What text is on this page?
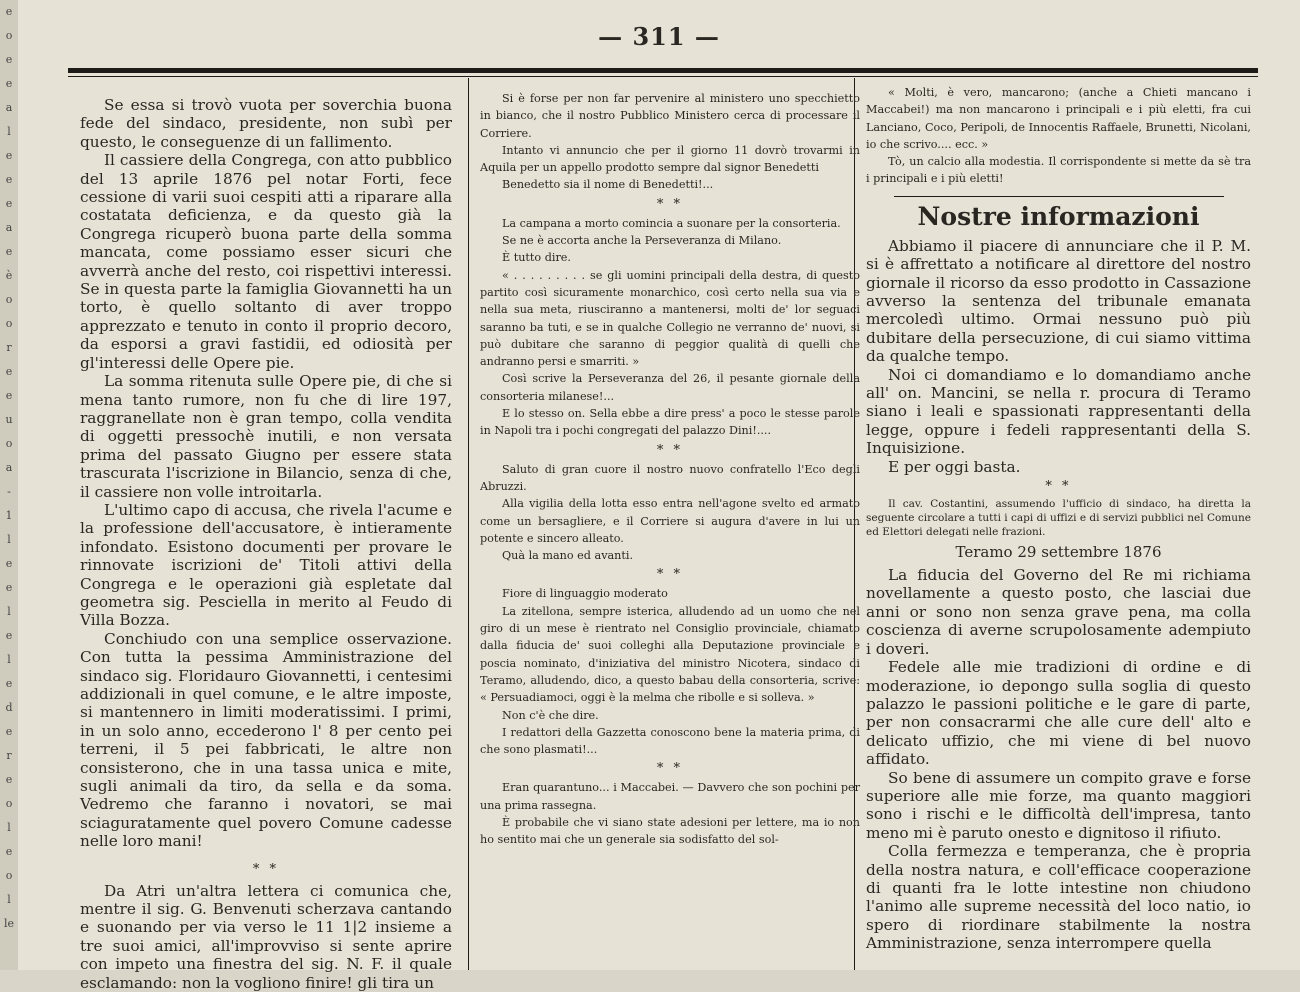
e
o
e
e
a
l
e
e
e
a
e
è
o
o
r
e
e
u
o
a
-
1
l
e
e
l
e
l
e
d
e
r
e
o
l
e
o
l
le
— 311 —

Se essa si trovò vuota per soverchia buona fede del sindaco, presidente, non subì per questo, le conseguenze di un fallimento.

Il cassiere della Congrega, con atto pubblico del 13 aprile 1876 pel notar Forti, fece cessione di varii suoi cespiti atti a riparare alla costatata deficienza, e da questo già la Congrega ricuperò buona parte della somma mancata, come possiamo esser sicuri che avverrà anche del resto, coi rispettivi interessi. Se in questa parte la famiglia Giovannetti ha un torto, è quello soltanto di aver troppo apprezzato e tenuto in conto il proprio decoro, da esporsi a gravi fastidii, ed odiosità per gl'interessi delle Opere pie.

La somma ritenuta sulle Opere pie, di che si mena tanto rumore, non fu che di lire 197, raggranellate non è gran tempo, colla vendita di oggetti pressochè inutili, e non versata prima del passato Giugno per essere stata trascurata l'iscrizione in Bilancio, senza di che, il cassiere non volle introitarla.

L'ultimo capo di accusa, che rivela l'acume e la professione dell'accusatore, è intieramente infondato. Esistono documenti per provare le rinnovate iscrizioni de' Titoli attivi della Congrega e le operazioni già espletate dal geometra sig. Pesciella in merito al Feudo di Villa Bozza.

Conchiudo con una semplice osservazione. Con tutta la pessima Amministrazione del sindaco sig. Floridauro Giovannetti, i centesimi addizionali in quel comune, e le altre imposte, si mantennero in limiti moderatissimi. I primi, in un solo anno, eccederono l' 8 per cento pei terreni, il 5 pei fabbricati, le altre non consisterono, che in una tassa unica e mite, sugli animali da tiro, da sella e da soma. Vedremo che faranno i novatori, se mai sciaguratamente quel povero Comune cadesse nelle loro mani!

* *

Da Atri un'altra lettera ci comunica che, mentre il sig. G. Benvenuti scherzava cantando e suonando per via verso le 11 1|2 insieme a tre suoi amici, all'improvviso si sente aprire con impeto una finestra del sig. N. F. il quale esclamando: non la vogliono finire! gli tira un

Si è forse per non far pervenire al ministero uno specchietto in bianco, che il nostro Pubblico Ministero cerca di processare il Corriere.

Intanto vi annuncio che per il giorno 11 dovrò trovarmi in Aquila per un appello prodotto sempre dal signor Benedetti

Benedetto sia il nome di Benedetti!...

* *

La campana a morto comincia a suonare per la consorteria.

Se ne è accorta anche la Perseveranza di Milano.

È tutto dire.

« . . . . . . . . . se gli uomini principali della destra, di questo partito così sicuramente monarchico, così certo nella sua via e nella sua meta, riusciranno a mantenersi, molti de' lor seguaci saranno ba tuti, e se in qualche Collegio ne verranno de' nuovi, si può dubitare che saranno di peggior qualità di quelli che andranno persi e smarriti. »

Così scrive la Perseveranza del 26, il pesante giornale della consorteria milanese!...

E lo stesso on. Sella ebbe a dire press' a poco le stesse parole in Napoli tra i pochi congregati del palazzo Dini!....

* *

Saluto di gran cuore il nostro nuovo confratello l'Eco degli Abruzzi.

Alla vigilia della lotta esso entra nell'agone svelto ed armato come un bersagliere, e il Corriere si augura d'avere in lui un potente e sincero alleato.

Quà la mano ed avanti.

* *

Fiore di linguaggio moderato

La zitellona, sempre isterica, alludendo ad un uomo che nel giro di un mese è rientrato nel Consiglio provinciale, chiamato dalla fiducia de' suoi colleghi alla Deputazione provinciale e poscia nominato, d'iniziativa del ministro Nicotera, sindaco di Teramo, alludendo, dico, a questo babau della consorteria, scrive: « Persuadiamoci, oggi è la melma che ribolle e si solleva. »

Non c'è che dire.

I redattori della Gazzetta conoscono bene la materia prima, di che sono plasmati!...

* *

Eran quarantuno... i Maccabei. — Davvero che son pochini per una prima rassegna.

È probabile che vi siano state adesioni per lettere, ma io non ho sentito mai che un generale sia sodisfatto del sol-

« Molti, è vero, mancarono; (anche a Chieti mancano i Maccabei!) ma non mancarono i principali e i più eletti, fra cui Lanciano, Coco, Peripoli, de Innocentis Raffaele, Brunetti, Nicolani, io che scrivo.... ecc. »

Tò, un calcio alla modestia. Il corrispondente si mette da sè tra i principali e i più eletti!

Nostre informazioni

Abbiamo il piacere di annunciare che il P. M. si è affrettato a notificare al direttore del nostro giornale il ricorso da esso prodotto in Cassazione avverso la sentenza del tribunale emanata mercoledì ultimo. Ormai nessuno può più dubitare della persecuzione, di cui siamo vittima da qualche tempo.

Noi ci domandiamo e lo domandiamo anche all' on. Mancini, se nella r. procura di Teramo siano i leali e spassionati rappresentanti della legge, oppure i fedeli rappresentanti della S. Inquisizione.

E per oggi basta.

* *

Il cav. Costantini, assumendo l'ufficio di sindaco, ha diretta la seguente circolare a tutti i capi di uffizi e di servizi pubblici nel Comune ed Elettori delegati nelle frazioni.

Teramo 29 settembre 1876

La fiducia del Governo del Re mi richiama novellamente a questo posto, che lasciai due anni or sono non senza grave pena, ma colla coscienza di averne scrupolosamente adempiuto i doveri.

Fedele alle mie tradizioni di ordine e di moderazione, io depongo sulla soglia di questo palazzo le passioni politiche e le gare di parte, per non consacrarmi che alle cure dell' alto e delicato uffizio, che mi viene di bel nuovo affidato.

So bene di assumere un compito grave e forse superiore alle mie forze, ma quanto maggiori sono i rischi e le difficoltà dell'impresa, tanto meno mi è paruto onesto e dignitoso il rifiuto.

Colla fermezza e temperanza, che è propria della nostra natura, e coll'efficace cooperazione di quanti fra le lotte intestine non chiudono l'animo alle supreme necessità del loco natio, io spero di riordinare stabilmente la nostra Amministrazione, senza interrompere quella
